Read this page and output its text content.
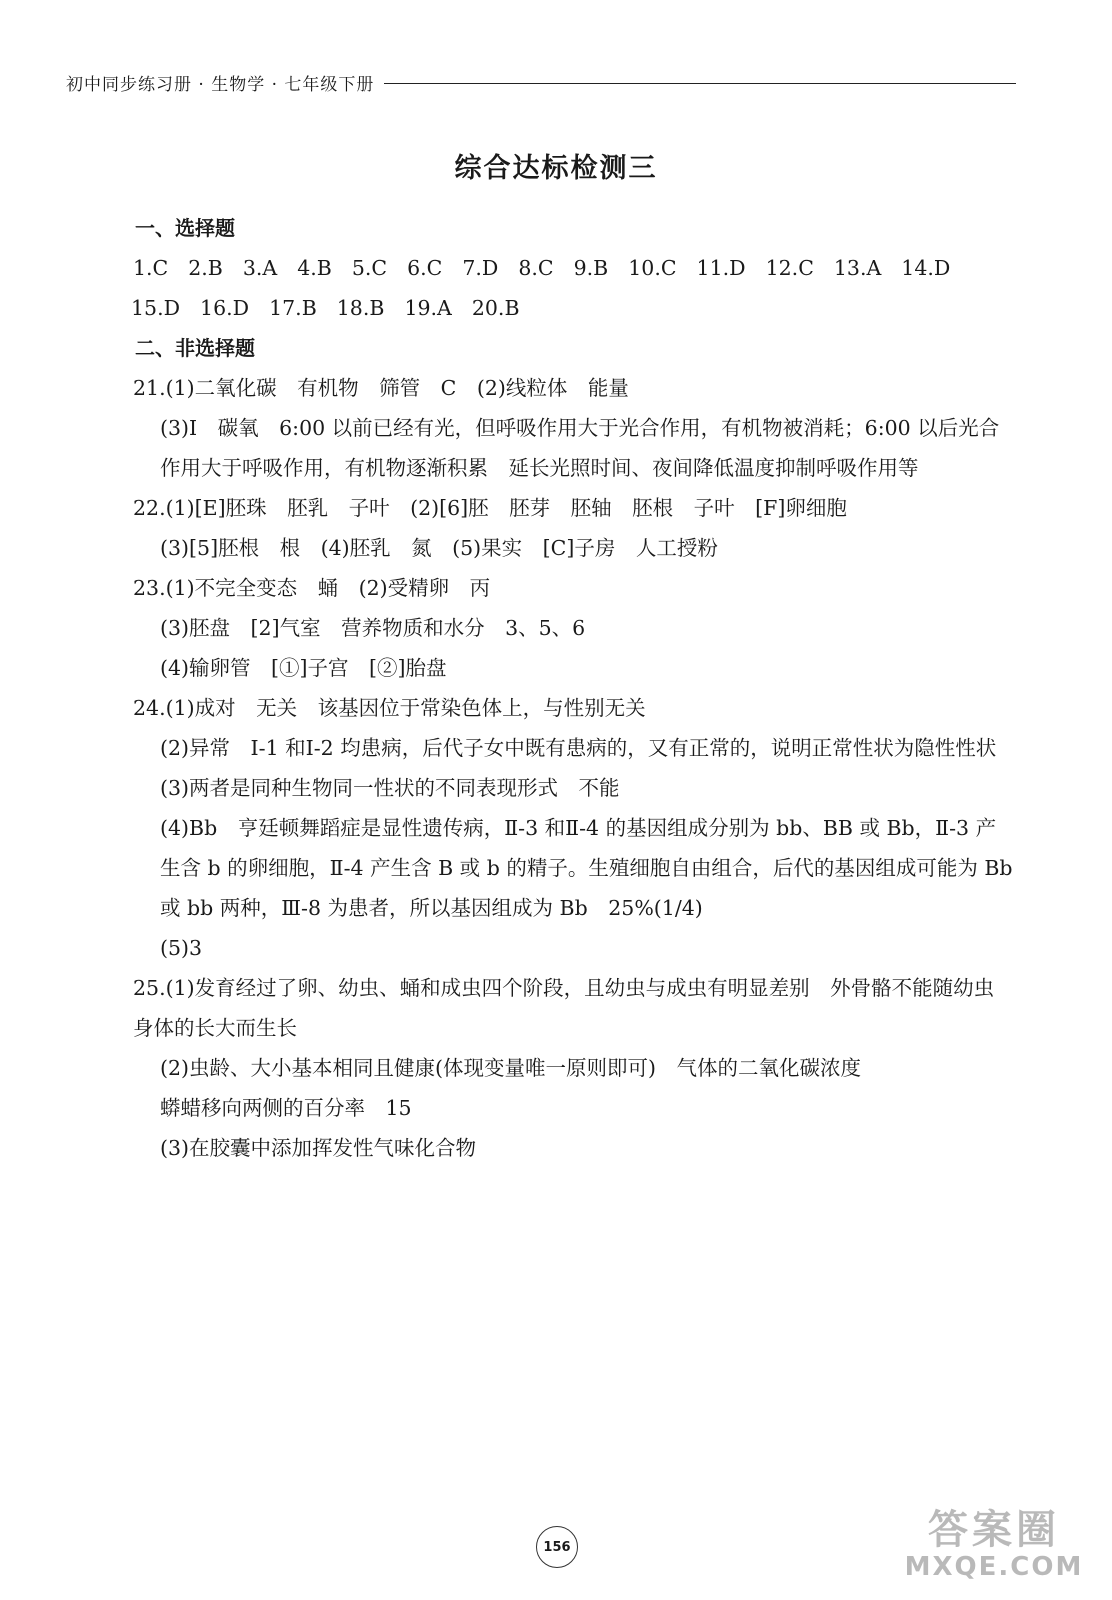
初中同步练习册 · 生物学 · 七年级下册
综合达标检测三
一、选择题
1.C 2.B 3.A 4.B 5.C 6.C 7.D 8.C 9.B 10.C 11.D 12.C 13.A 14.D
15.D 16.D 17.B 18.B 19.A 20.B
二、非选择题
21.(1)二氧化碳　有机物　筛管　C　(2)线粒体　能量
(3)Ⅰ　碳氧　6:00 以前已经有光，但呼吸作用大于光合作用，有机物被消耗；6:00 以后光合作用大于呼吸作用，有机物逐渐积累　延长光照时间、夜间降低温度抑制呼吸作用等
22.(1)[E]胚珠　胚乳　子叶　(2)[6]胚　胚芽　胚轴　胚根　子叶　[F]卵细胞
(3)[5]胚根　根　(4)胚乳　氮　(5)果实　[C]子房　人工授粉
23.(1)不完全变态　蛹　(2)受精卵　丙
(3)胚盘　[2]气室　营养物质和水分　3、5、6
(4)输卵管　[①]子宫　[②]胎盘
24.(1)成对　无关　该基因位于常染色体上，与性别无关
(2)异常　Ⅰ-1 和Ⅰ-2 均患病，后代子女中既有患病的，又有正常的，说明正常性状为隐性性状
(3)两者是同种生物同一性状的不同表现形式　不能
(4)Bb　亨廷顿舞蹈症是显性遗传病，Ⅱ-3 和Ⅱ-4 的基因组成分别为 bb、BB 或 Bb，Ⅱ-3 产生含 b 的卵细胞，Ⅱ-4 产生含 B 或 b 的精子。生殖细胞自由组合，后代的基因组成可能为 Bb 或 bb 两种，Ⅲ-8 为患者，所以基因组成为 Bb　25%(1/4)
(5)3
25.(1)发育经过了卵、幼虫、蛹和成虫四个阶段，且幼虫与成虫有明显差别　外骨骼不能随幼虫身体的长大而生长
(2)虫龄、大小基本相同且健康(体现变量唯一原则即可)　气体的二氧化碳浓度
蟒蜡移向两侧的百分率　15
(3)在胶囊中添加挥发性气味化合物
156	答案圈
MXQE.COM
